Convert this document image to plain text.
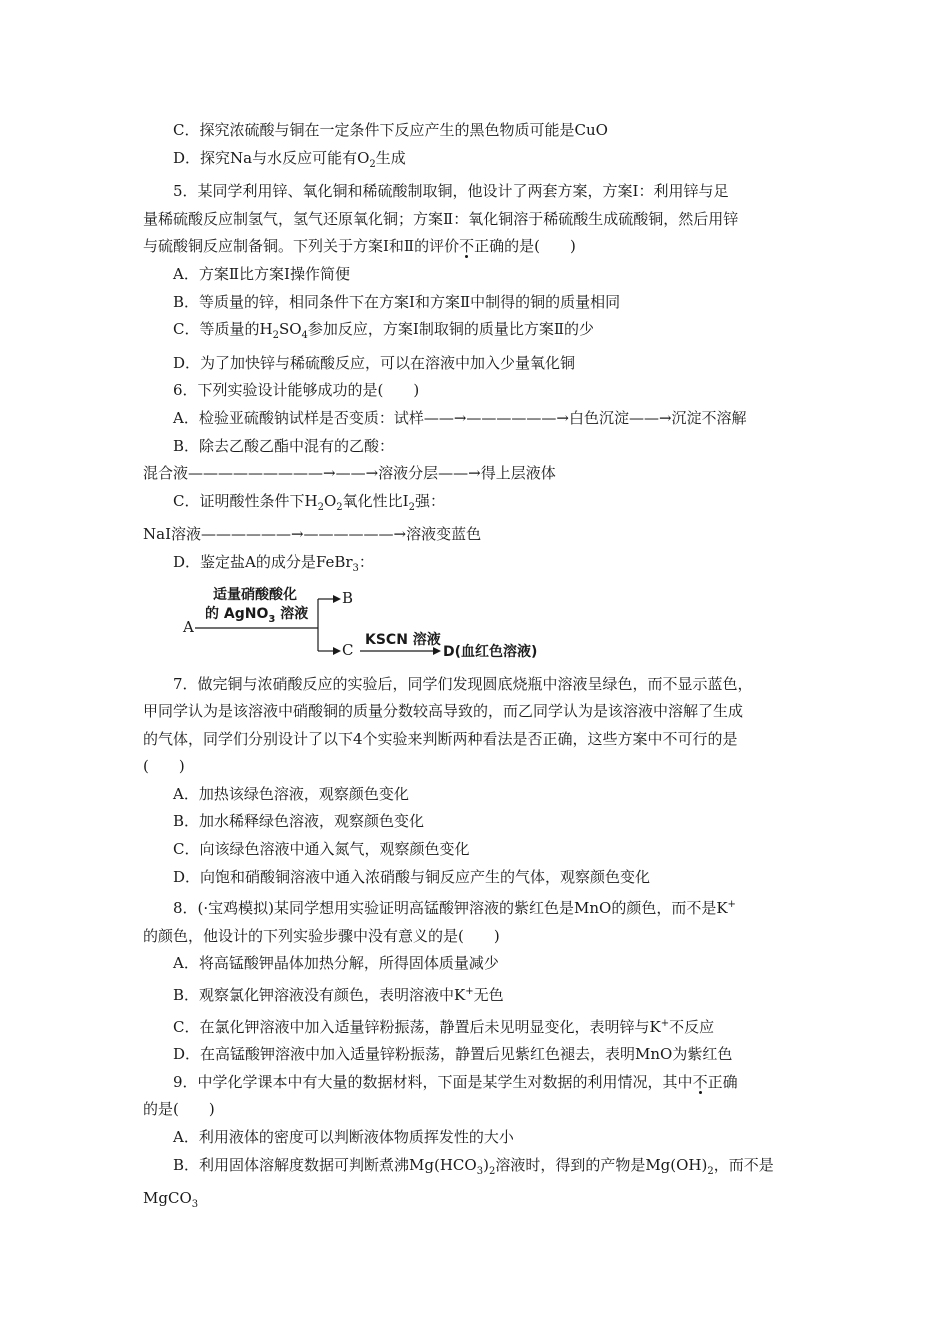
C．探究浓硫酸与铜在一定条件下反应产生的黑色物质可能是CuO
D．探究Na与水反应可能有$O_2$生成
5．某同学利用锌、氧化铜和稀硫酸制取铜，他设计了两套方案，方案Ⅰ：利用锌与足
量稀硫酸反应制氢气，氢气还原氧化铜；方案Ⅱ：氧化铜溶于稀硫酸生成硫酸铜，然后用锌
与硫酸铜反应制备铜。下列关于方案Ⅰ和Ⅱ的评价不正确的是(　　)
A．方案Ⅱ比方案Ⅰ操作简便
B．等质量的锌，相同条件下在方案Ⅰ和方案Ⅱ中制得的铜的质量相同
C．等质量的$H_2SO_4$参加反应，方案Ⅰ制取铜的质量比方案Ⅱ的少
D．为了加快锌与稀硫酸反应，可以在溶液中加入少量氧化铜
6．下列实验设计能够成功的是(　　)
A．检验亚硫酸钠试样是否变质：试样——→——————→白色沉淀——→沉淀不溶解
B．除去乙酸乙酯中混有的乙酸：
混合液—————————→——→溶液分层——→得上层液体
C．证明酸性条件下$H_2O_2$氧化性比$I_2$强：
NaI溶液——————→——————→溶液变蓝色
D．鉴定盐A的成分是FeBr$_3$：
适量硝酸酸化
的 AgNO$_3$ 溶液
A
B
C
KSCN 溶液
D(血红色溶液)
7．做完铜与浓硝酸反应的实验后，同学们发现圆底烧瓶中溶液呈绿色，而不显示蓝色，
甲同学认为是该溶液中硝酸铜的质量分数较高导致的，而乙同学认为是该溶液中溶解了生成
的气体，同学们分别设计了以下4个实验来判断两种看法是否正确，这些方案中不可行的是
(　　)
A．加热该绿色溶液，观察颜色变化
B．加水稀释绿色溶液，观察颜色变化
C．向该绿色溶液中通入氮气，观察颜色变化
D．向饱和硝酸铜溶液中通入浓硝酸与铜反应产生的气体，观察颜色变化
8．(·宝鸡模拟)某同学想用实验证明高锰酸钾溶液的紫红色是MnO的颜色，而不是K+
的颜色，他设计的下列实验步骤中没有意义的是(　　)
A．将高锰酸钾晶体加热分解，所得固体质量减少
B．观察氯化钾溶液没有颜色，表明溶液中K+无色
C．在氯化钾溶液中加入适量锌粉振荡，静置后未见明显变化，表明锌与K+不反应
D．在高锰酸钾溶液中加入适量锌粉振荡，静置后见紫红色褪去，表明MnO为紫红色
9．中学化学课本中有大量的数据材料，下面是某学生对数据的利用情况，其中不正确
的是(　　)
A．利用液体的密度可以判断液体物质挥发性的大小
B．利用固体溶解度数据可判断煮沸$Mg(HCO_3)_2$溶液时，得到的产物是$Mg(OH)_2$，而不是
MgCO$_3$
